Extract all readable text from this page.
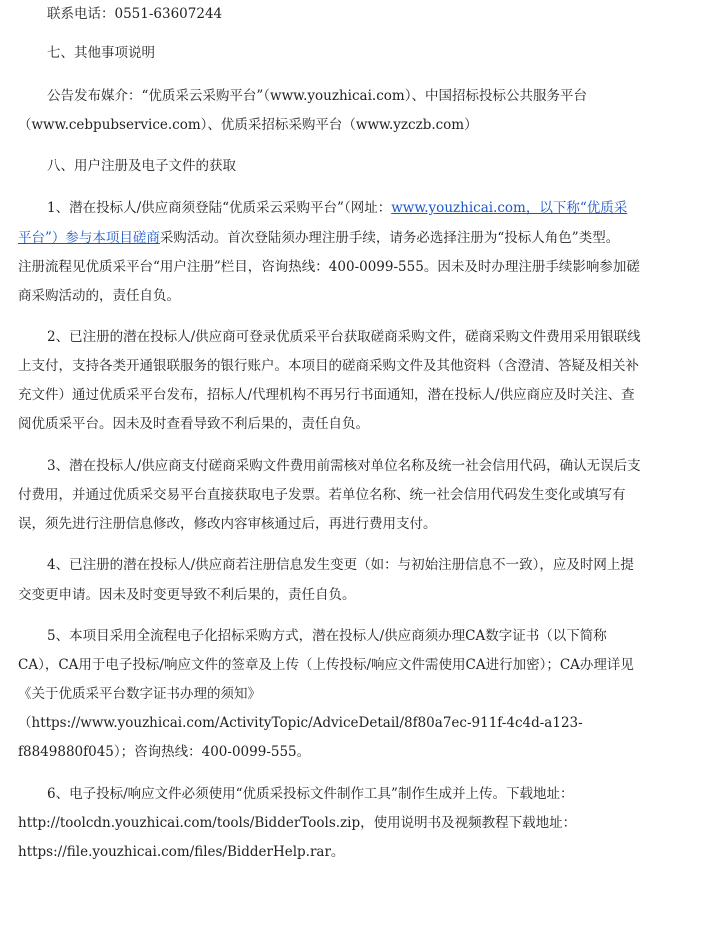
联系电话：0551-63607244
七、其他事项说明
公告发布媒介：“优质采云采购平台”（www.youzhicai.com）、中国招标投标公共服务平台
（www.cebpubservice.com）、优质采招标采购平台（www.yzczb.com）
八、用户注册及电子文件的获取
1、潜在投标人/供应商须登陆“优质采云采购平台”（网址：www.youzhicai.com，以下称“优质采
平台”）参与本项目磋商采购活动。首次登陆须办理注册手续，请务必选择注册为“投标人角色”类型。
注册流程见优质采平台“用户注册”栏目，咨询热线：400-0099-555。因未及时办理注册手续影响参加磋
商采购活动的，责任自负。
2、已注册的潜在投标人/供应商可登录优质采平台获取磋商采购文件，磋商采购文件费用采用银联线
上支付，支持各类开通银联服务的银行账户。本项目的磋商采购文件及其他资料（含澄清、答疑及相关补
充文件）通过优质采平台发布，招标人/代理机构不再另行书面通知，潜在投标人/供应商应及时关注、查
阅优质采平台。因未及时查看导致不利后果的，责任自负。
3、潜在投标人/供应商支付磋商采购文件费用前需核对单位名称及统一社会信用代码，确认无误后支
付费用，并通过优质采交易平台直接获取电子发票。若单位名称、统一社会信用代码发生变化或填写有
误，须先进行注册信息修改，修改内容审核通过后，再进行费用支付。
4、已注册的潜在投标人/供应商若注册信息发生变更（如：与初始注册信息不一致），应及时网上提
交变更申请。因未及时变更导致不利后果的，责任自负。
5、本项目采用全流程电子化招标采购方式，潜在投标人/供应商须办理CA数字证书（以下简称
CA），CA用于电子投标/响应文件的签章及上传（上传投标/响应文件需使用CA进行加密）；CA办理详见
《关于优质采平台数字证书办理的须知》
（https://www.youzhicai.com/ActivityTopic/AdviceDetail/8f80a7ec-911f-4c4d-a123-
f8849880f045）；咨询热线：400-0099-555。
6、电子投标/响应文件必须使用“优质采投标文件制作工具”制作生成并上传。下载地址：
http://toolcdn.youzhicai.com/tools/BidderTools.zip，使用说明书及视频教程下载地址：
https://file.youzhicai.com/files/BidderHelp.rar。
